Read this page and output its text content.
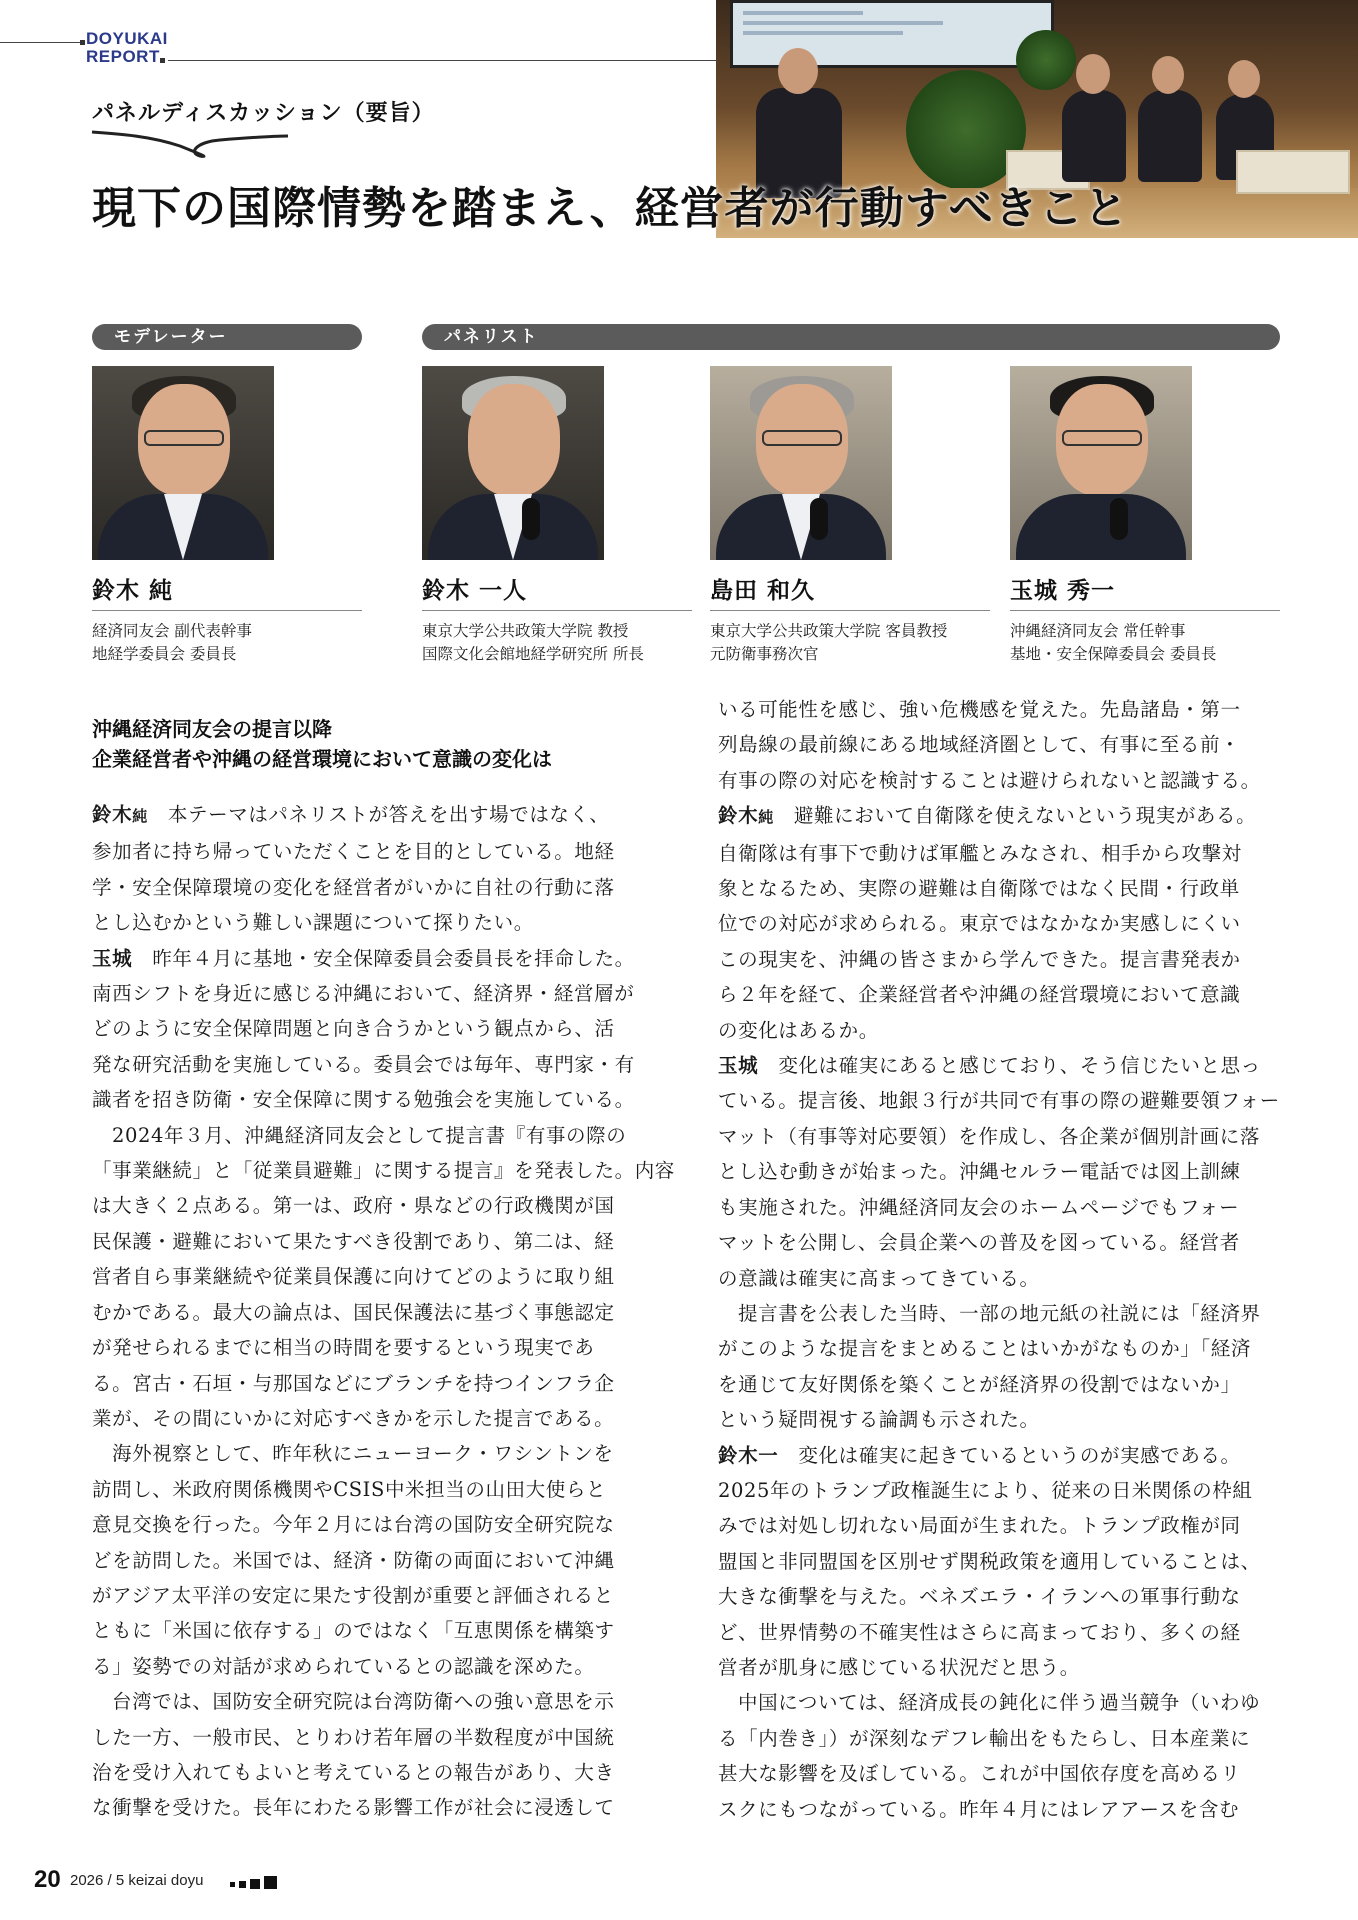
DOYUKAI
REPORT
パネルディスカッション（要旨）
現下の国際情勢を踏まえ、経営者が行動すべきこと
モデレーター	パネリスト
鈴木 純
経済同友会 副代表幹事
地経学委員会 委員長
鈴木 一人
東京大学公共政策大学院 教授
国際文化会館地経学研究所 所長
島田 和久
東京大学公共政策大学院 客員教授
元防衛事務次官
玉城 秀一
沖縄経済同友会 常任幹事
基地・安全保障委員会 委員長

沖縄経済同友会の提言以降

企業経営者や沖縄の経営環境において意識の変化は

鈴木純　 本テーマはパネリストが答えを出す場ではなく、

参加者に持ち帰っていただくことを目的としている。地経

学・安全保障環境の変化を経営者がいかに自社の行動に落

とし込むかという難しい課題について探りたい。

玉城　 昨年４月に基地・安全保障委員会委員長を拝命した。

南西シフトを身近に感じる沖縄において、経済界・経営層が

どのように安全保障問題と向き合うかという観点から、活

発な研究活動を実施している。委員会では毎年、専門家・有

識者を招き防衛・安全保障に関する勉強会を実施している。

2024年３月、沖縄経済同友会として提言書『有事の際の

「事業継続」と「従業員避難」に関する提言』を発表した。内容

は大きく２点ある。第一は、政府・県などの行政機関が国

民保護・避難において果たすべき役割であり、第二は、経

営者自ら事業継続や従業員保護に向けてどのように取り組

むかである。最大の論点は、国民保護法に基づく事態認定

が発せられるまでに相当の時間を要するという現実であ

る。宮古・石垣・与那国などにブランチを持つインフラ企

業が、その間にいかに対応すべきかを示した提言である。

海外視察として、昨年秋にニューヨーク・ワシントンを

訪問し、米政府関係機関やCSIS中米担当の山田大使らと

意見交換を行った。今年２月には台湾の国防安全研究院な

どを訪問した。米国では、経済・防衛の両面において沖縄

がアジア太平洋の安定に果たす役割が重要と評価されると

ともに「米国に依存する」のではなく「互恵関係を構築す

る」姿勢での対話が求められているとの認識を深めた。

台湾では、国防安全研究院は台湾防衛への強い意思を示

した一方、一般市民、とりわけ若年層の半数程度が中国統

治を受け入れてもよいと考えているとの報告があり、大き

な衝撃を受けた。長年にわたる影響工作が社会に浸透して

いる可能性を感じ、強い危機感を覚えた。先島諸島・第一

列島線の最前線にある地域経済圏として、有事に至る前・

有事の際の対応を検討することは避けられないと認識する。

鈴木純　 避難において自衛隊を使えないという現実がある。

自衛隊は有事下で動けば軍艦とみなされ、相手から攻撃対

象となるため、実際の避難は自衛隊ではなく民間・行政単

位での対応が求められる。東京ではなかなか実感しにくい

この現実を、沖縄の皆さまから学んできた。提言書発表か

ら２年を経て、企業経営者や沖縄の経営環境において意識

の変化はあるか。

玉城　 変化は確実にあると感じており、そう信じたいと思っ

ている。提言後、地銀３行が共同で有事の際の避難要領フォー

マット（有事等対応要領）を作成し、各企業が個別計画に落

とし込む動きが始まった。沖縄セルラー電話では図上訓練

も実施された。沖縄経済同友会のホームページでもフォー

マットを公開し、会員企業への普及を図っている。経営者

の意識は確実に高まってきている。

提言書を公表した当時、一部の地元紙の社説には「経済界

がこのような提言をまとめることはいかがなものか」「経済

を通じて友好関係を築くことが経済界の役割ではないか」

という疑問視する論調も示された。

鈴木一　 変化は確実に起きているというのが実感である。

2025年のトランプ政権誕生により、従来の日米関係の枠組

みでは対処し切れない局面が生まれた。トランプ政権が同

盟国と非同盟国を区別せず関税政策を適用していることは、

大きな衝撃を与えた。ベネズエラ・イランへの軍事行動な

ど、世界情勢の不確実性はさらに高まっており、多くの経

営者が肌身に感じている状況だと思う。

中国については、経済成長の鈍化に伴う過当競争（いわゆ

る「内巻き」）が深刻なデフレ輸出をもたらし、日本産業に

甚大な影響を及ぼしている。これが中国依存度を高めるリ

スクにもつながっている。昨年４月にはレアアースを含む

20 2026 / 5 keizai doyu
